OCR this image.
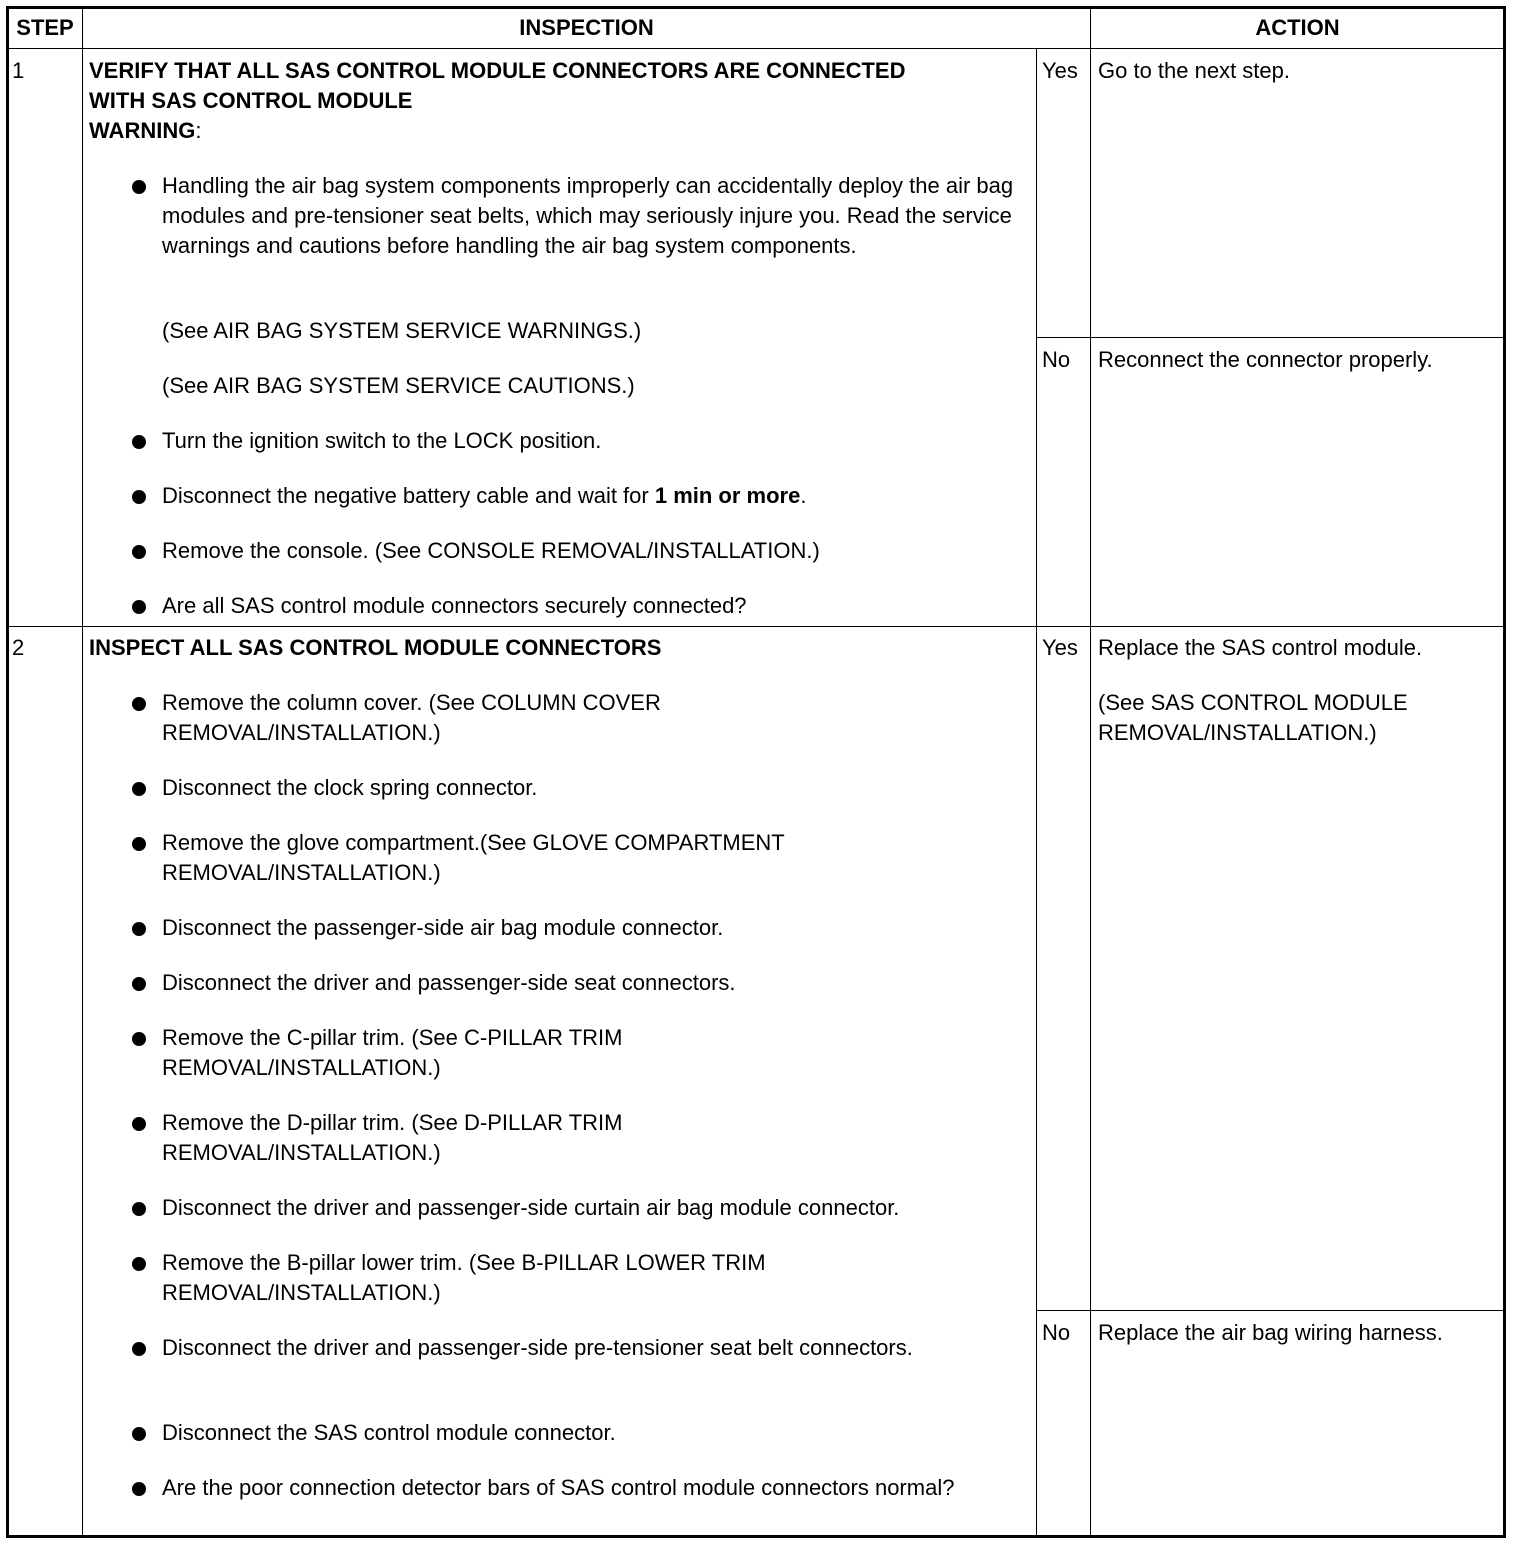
STEP	INSPECTION	ACTION
1	VERIFY THAT ALL SAS CONTROL MODULE CONNECTORS ARE CONNECTED
WITH SAS CONTROL MODULE
WARNING:
Handling the air bag system components improperly can accidentally deploy the air bag modules and pre-tensioner seat belts, which may seriously injure you. Read the service warnings and cautions before handling the air bag system components.
(See AIR BAG SYSTEM SERVICE WARNINGS.)
(See AIR BAG SYSTEM SERVICE CAUTIONS.)
Turn the ignition switch to the LOCK position.
Disconnect the negative battery cable and wait for 1 min or more.
Remove the console. (See CONSOLE REMOVAL/INSTALLATION.)
Are all SAS control module connectors securely connected?
Yes Go to the next step.
No Reconnect the connector properly.
2	INSPECT ALL SAS CONTROL MODULE CONNECTORS
Remove the column cover. (See COLUMN COVER REMOVAL/INSTALLATION.)
Disconnect the clock spring connector.
Remove the glove compartment.(See GLOVE COMPARTMENT REMOVAL/INSTALLATION.)
Disconnect the passenger-side air bag module connector.
Disconnect the driver and passenger-side seat connectors.
Remove the C-pillar trim. (See C-PILLAR TRIM REMOVAL/INSTALLATION.)
Remove the D-pillar trim. (See D-PILLAR TRIM REMOVAL/INSTALLATION.)
Disconnect the driver and passenger-side curtain air bag module connector.
Remove the B-pillar lower trim. (See B-PILLAR LOWER TRIM REMOVAL/INSTALLATION.)
Disconnect the driver and passenger-side pre-tensioner seat belt connectors.
Disconnect the SAS control module connector.
Are the poor connection detector bars of SAS control module connectors normal?
Yes Replace the SAS control module.
(See SAS CONTROL MODULE REMOVAL/INSTALLATION.)
No Replace the air bag wiring harness.
